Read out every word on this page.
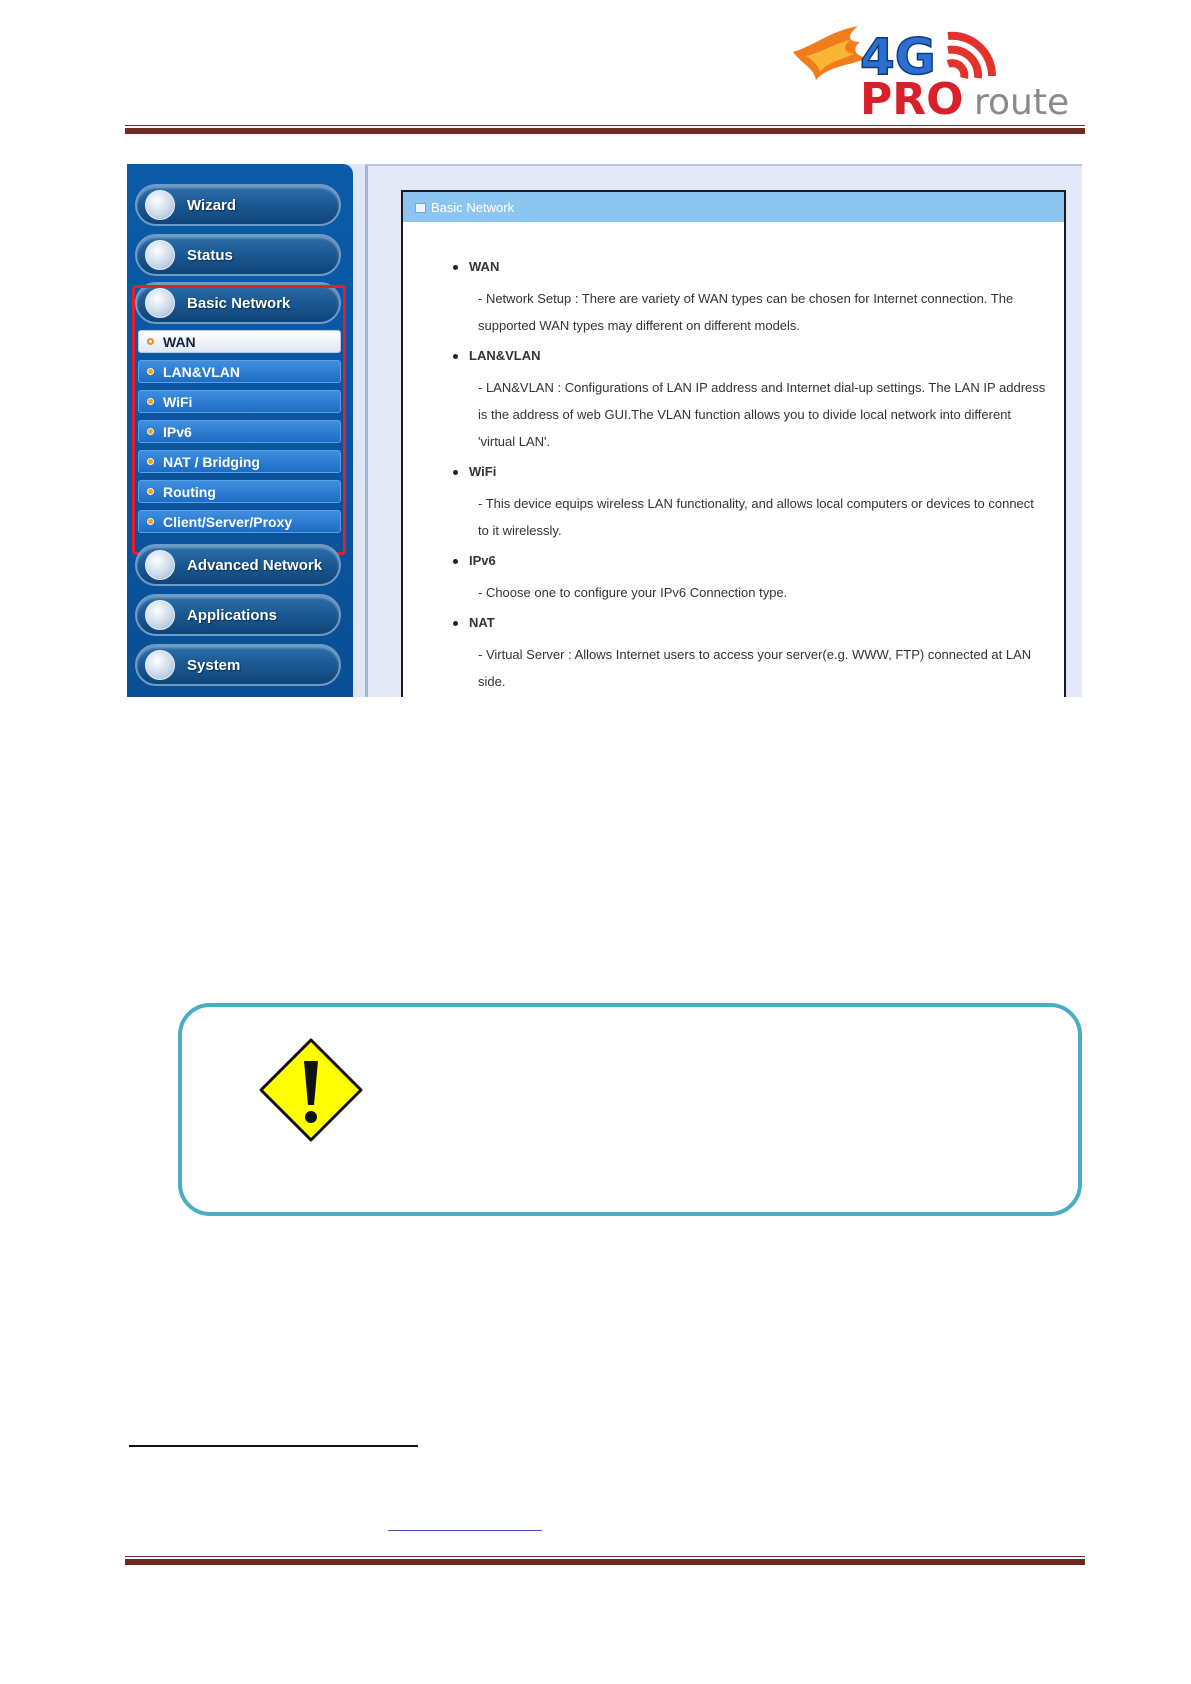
4G
PRO route
Wizard
Status
Basic Network
WAN
LAN&VLAN
WiFi
IPv6
NAT / Bridging
Routing
Client/Server/Proxy
Advanced Network
Applications
System
Basic Network
WAN
- Network Setup : There are variety of WAN types can be chosen for Internet connection. The supported WAN types may different on different models.
LAN&VLAN
- LAN&VLAN : Configurations of LAN IP address and Internet dial-up settings. The LAN IP address is the address of web GUI.The VLAN function allows you to divide local network into different 'virtual LAN'.
WiFi
- This device equips wireless LAN functionality, and allows local computers or devices to connect to it wirelessly.
IPv6
- Choose one to configure your IPv6 Connection type.
NAT
- Virtual Server : Allows Internet users to access your server(e.g. WWW, FTP) connected at LAN side.
